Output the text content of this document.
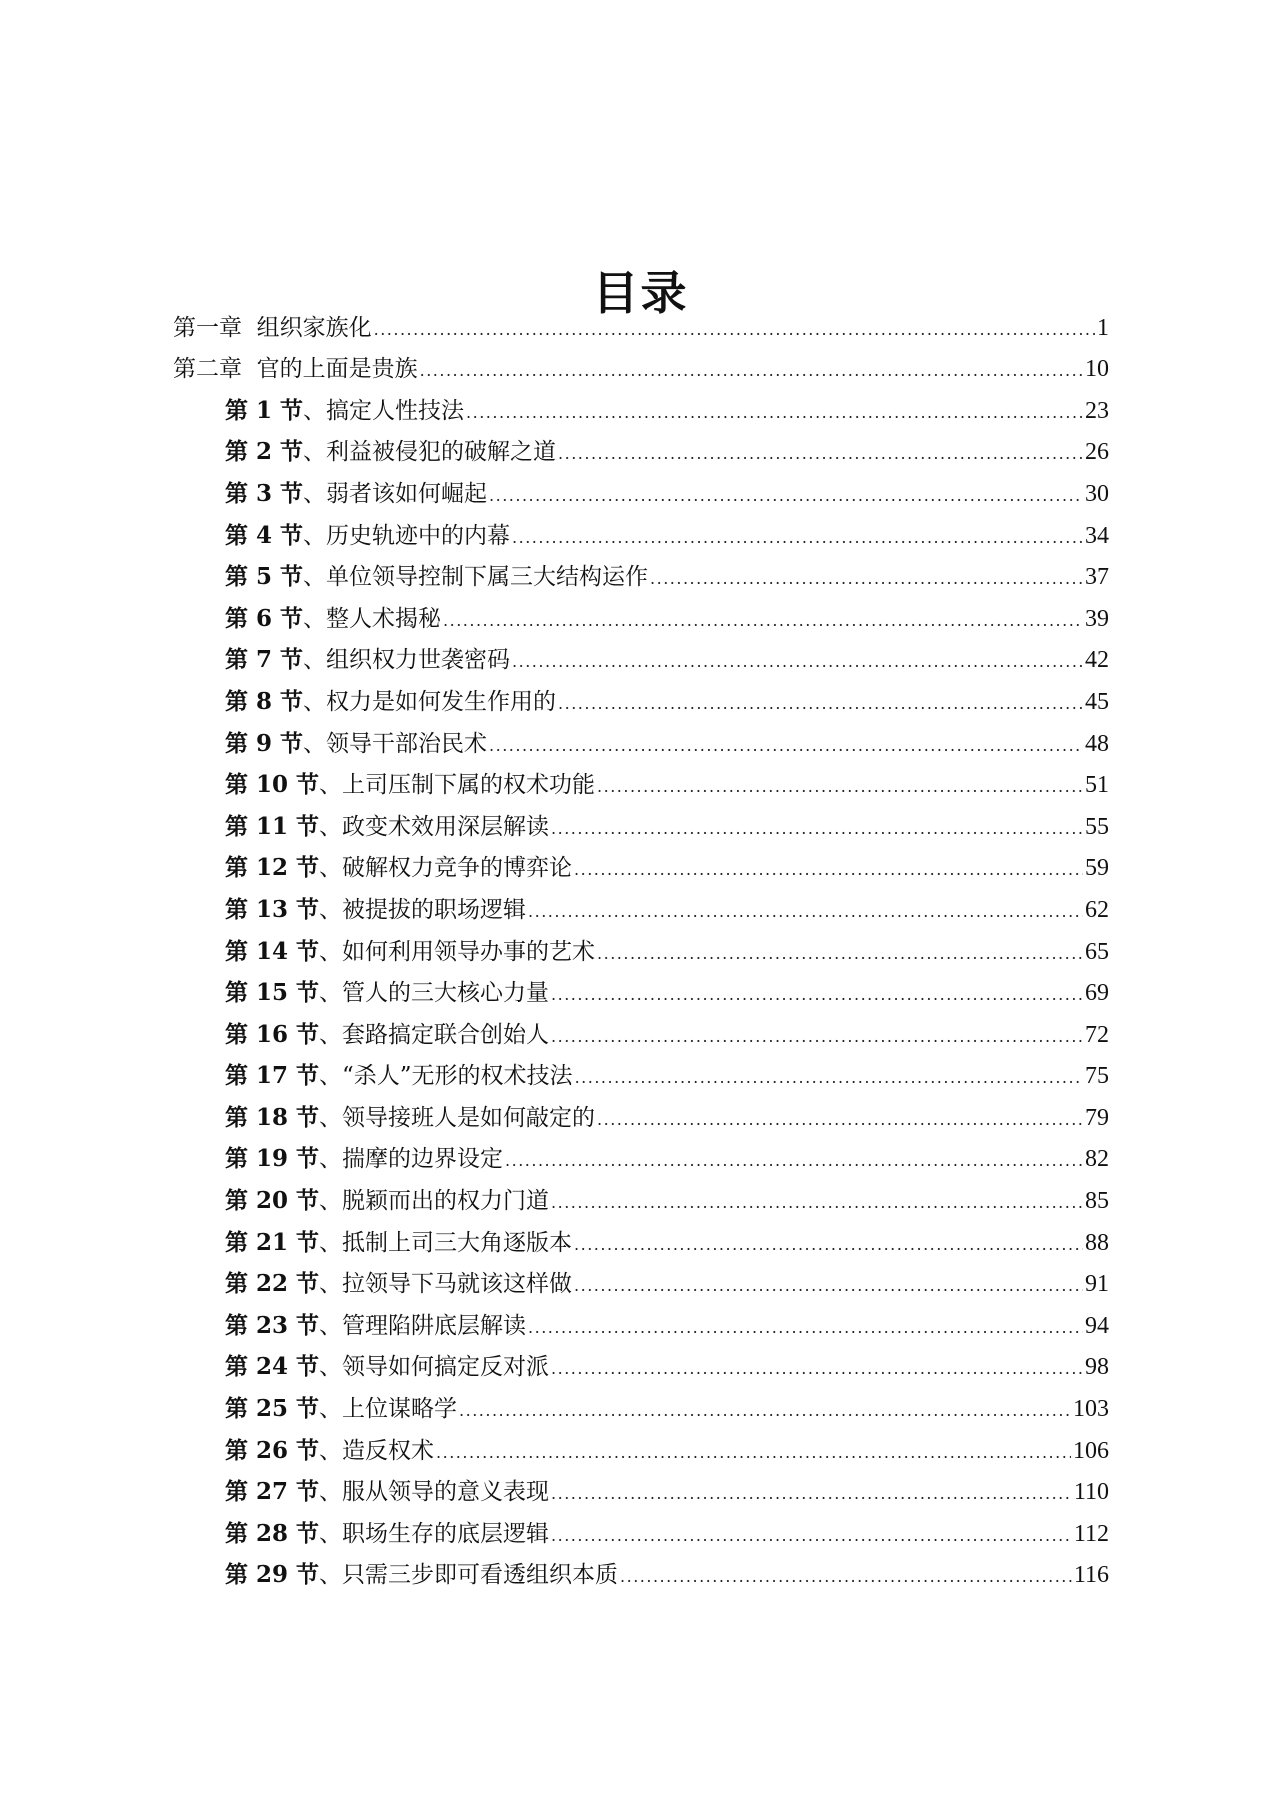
目录
第一章  组织家族化 .....	1
第二章  官的上面是贵族 .....	10
第 1 节、搞定人性技法 .....	23
第 2 节、利益被侵犯的破解之道 .....	26
第 3 节、弱者该如何崛起 .....	30
第 4 节、历史轨迹中的内幕 .....	34
第 5 节、单位领导控制下属三大结构运作 .....	37
第 6 节、整人术揭秘 .....	39
第 7 节、组织权力世袭密码 .....	42
第 8 节、权力是如何发生作用的 .....	45
第 9 节、领导干部治民术 .....	48
第 10 节、上司压制下属的权术功能 .....	51
第 11 节、政变术效用深层解读 .....	55
第 12 节、破解权力竞争的博弈论 .....	59
第 13 节、被提拔的职场逻辑 .....	62
第 14 节、如何利用领导办事的艺术 .....	65
第 15 节、管人的三大核心力量 .....	69
第 16 节、套路搞定联合创始人 .....	72
第 17 节、“杀人”无形的权术技法 .....	75
第 18 节、领导接班人是如何敲定的 .....	79
第 19 节、揣摩的边界设定 .....	82
第 20 节、脱颖而出的权力门道 .....	85
第 21 节、抵制上司三大角逐版本 .....	88
第 22 节、拉领导下马就该这样做 .....	91
第 23 节、管理陷阱底层解读 .....	94
第 24 节、领导如何搞定反对派 .....	98
第 25 节、上位谋略学 .....	103
第 26 节、造反权术 .....	106
第 27 节、服从领导的意义表现 .....	110
第 28 节、职场生存的底层逻辑 .....	112
第 29 节、只需三步即可看透组织本质 .....	116
